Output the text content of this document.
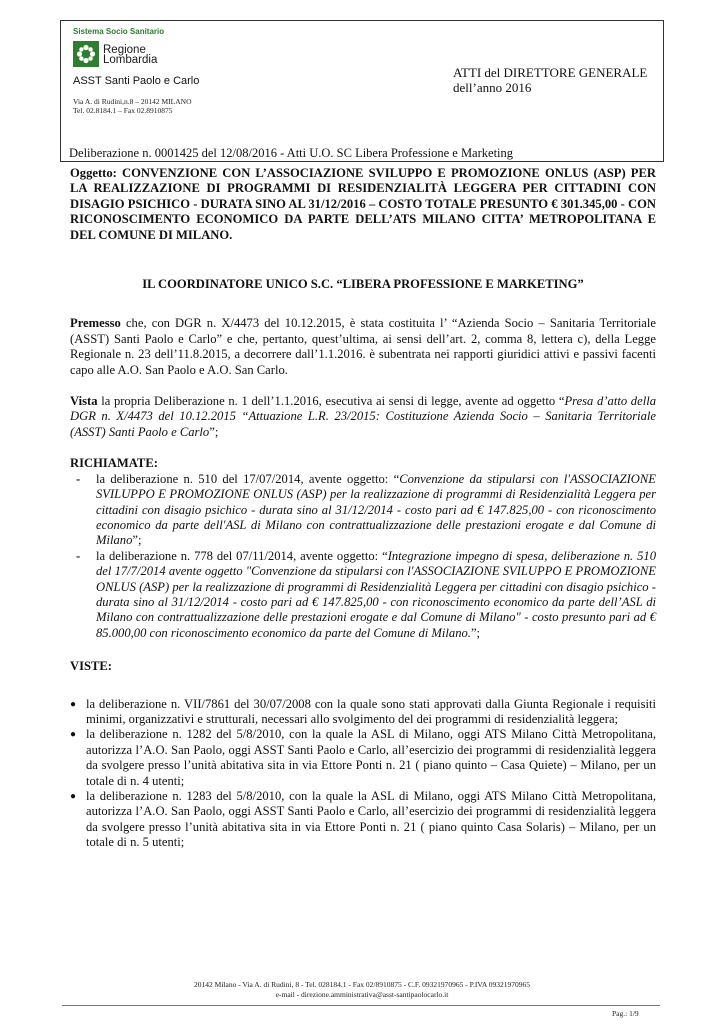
Sistema Socio Sanitario
Regione
Lombardia
ASST Santi Paolo e Carlo
Via A. di Rudini,n.8 – 20142 MILANO
Tel. 02.8184.1 – Fax 02.8910875
ATTI del DIRETTORE GENERALE
dell’anno 2016
Deliberazione n. 0001425 del 12/08/2016 - Atti U.O. SC Libera Professione e Marketing

Oggetto: CONVENZIONE CON L’ASSOCIAZIONE SVILUPPO E PROMOZIONE ONLUS (ASP) PER LA REALIZZAZIONE DI PROGRAMMI DI RESIDENZIALITÀ LEGGERA PER CITTADINI CON DISAGIO PSICHICO - DURATA SINO AL 31/12/2016 – COSTO TOTALE PRESUNTO € 301.345,00 - CON RICONOSCIMENTO ECONOMICO DA PARTE DELL’ATS MILANO CITTA’ METROPOLITANA E DEL COMUNE DI MILANO.

IL COORDINATORE UNICO S.C. “LIBERA PROFESSIONE E MARKETING”

Premesso che, con DGR n. X/4473 del 10.12.2015, è stata costituita l’ “Azienda Socio – Sanitaria Territoriale (ASST) Santi Paolo e Carlo” e che, pertanto, quest’ultima, ai sensi dell’art. 2, comma 8, lettera c), della Legge Regionale n. 23 dell’11.8.2015, a decorrere dall’1.1.2016. è subentrata nei rapporti giuridici attivi e passivi facenti capo alle A.O. San Paolo e A.O. San Carlo.

Vista la propria Deliberazione n. 1 dell’1.1.2016, esecutiva ai sensi di legge, avente ad oggetto “Presa d’atto della DGR n. X/4473 del 10.12.2015 “Attuazione L.R. 23/2015: Costituzione Azienda Socio – Sanitaria Territoriale (ASST) Santi Paolo e Carlo”;

RICHIAMATE:

- la deliberazione n. 510 del 17/07/2014, avente oggetto: “Convenzione da stipularsi con l'ASSOCIAZIONE SVILUPPO E PROMOZIONE ONLUS (ASP) per la realizzazione di programmi di Residenzialità Leggera per cittadini con disagio psichico - durata sino al 31/12/2014 - costo pari ad € 147.825,00 - con riconoscimento economico da parte dell'ASL di Milano con contrattualizzazione delle prestazioni erogate e dal Comune di Milano”;
- la deliberazione n. 778 del 07/11/2014, avente oggetto: “Integrazione impegno di spesa, deliberazione n. 510 del 17/7/2014 avente oggetto "Convenzione da stipularsi con l'ASSOCIAZIONE SVILUPPO E PROMOZIONE ONLUS (ASP) per la realizzazione di programmi di Residenzialità Leggera per cittadini con disagio psichico - durata sino al 31/12/2014 - costo pari ad € 147.825,00 - con riconoscimento economico da parte dell’ASL di Milano con contrattualizzazione delle prestazioni erogate e dal Comune di Milano" - costo presunto pari ad € 85.000,00 con riconoscimento economico da parte del Comune di Milano.”;

VISTE:

● la deliberazione n. VII/7861 del 30/07/2008 con la quale sono stati approvati dalla Giunta Regionale i requisiti minimi, organizzativi e strutturali, necessari allo svolgimento del dei programmi di residenzialità leggera;
● la deliberazione n. 1282 del 5/8/2010, con la quale la ASL di Milano, oggi ATS Milano Città Metropolitana, autorizza l’A.O. San Paolo, oggi ASST Santi Paolo e Carlo, all’esercizio dei programmi di residenzialità leggera da svolgere presso l’unità abitativa sita in via Ettore Ponti n. 21 ( piano quinto – Casa Quiete) – Milano, per un totale di n. 4 utenti;
● la deliberazione n. 1283 del 5/8/2010, con la quale la ASL di Milano, oggi ATS Milano Città Metropolitana, autorizza l’A.O. San Paolo, oggi ASST Santi Paolo e Carlo, all’esercizio dei programmi di residenzialità leggera da svolgere presso l’unità abitativa sita in via Ettore Ponti n. 21 ( piano quinto Casa Solaris) – Milano, per un totale di n. 5 utenti;
20142 Milano - Via A. di Rudini, 8 - Tel. 028184.1 - Fax 02/8910875 - C.F. 09321970965 - P.IVA 09321970965
e-mail - direzione.amministrativa@asst-santipaolocarlo.it
Pag.: 1/9
